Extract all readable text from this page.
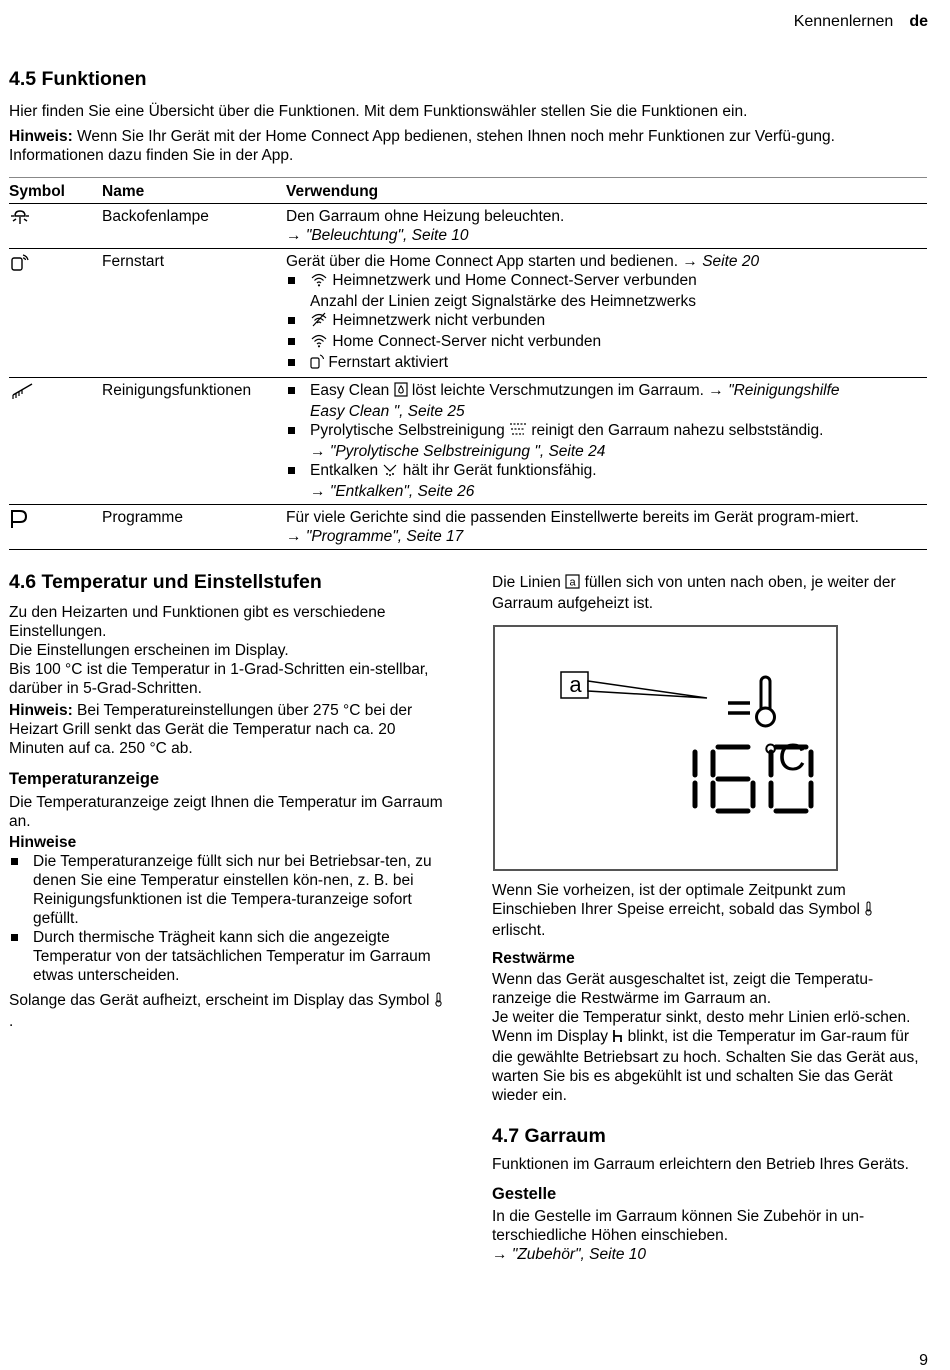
Kennenlernen de
4.5 Funktionen

Hier finden Sie eine Übersicht über die Funktionen. Mit dem Funktionswähler stellen Sie die Funktionen ein.

Hinweis: Wenn Sie Ihr Gerät mit der Home Connect App bedienen, stehen Ihnen noch mehr Funktionen zur Verfü-gung. Informationen dazu finden Sie in der App.

Symbol	Name	Verwendung
Backofenlampe	Den Garraum ohne Heizung beleuchten.
→ "Beleuchtung", Seite 10
Fernstart	Gerät über die Home Connect App starten und bedienen. → Seite 20
Heimnetzwerk und Home Connect-Server verbunden
Anzahl der Linien zeigt Signalstärke des Heimnetzwerks
Heimnetzwerk nicht verbunden
Home Connect-Server nicht verbunden
Fernstart aktiviert
Reinigungsfunktionen	Easy Clean löst leichte Verschmutzungen im Garraum. → "Reinigungshilfe
Easy Clean ", Seite 25
Pyrolytische Selbstreinigung reinigt den Garraum nahezu selbstständig.
→ "Pyrolytische Selbstreinigung ", Seite 24
Entkalken hält ihr Gerät funktionsfähig.
→ "Entkalken", Seite 26
Programme	Für viele Gerichte sind die passenden Einstellwerte bereits im Gerät program-miert.
→ "Programme", Seite 17
4.6 Temperatur und Einstellstufen

Zu den Heizarten und Funktionen gibt es verschiedene Einstellungen.

Die Einstellungen erscheinen im Display.

Bis 100 °C ist die Temperatur in 1-Grad-Schritten ein-stellbar, darüber in 5-Grad-Schritten.

Hinweis: Bei Temperatureinstellungen über 275 °C bei der Heizart Grill senkt das Gerät die Temperatur nach ca. 20 Minuten auf ca. 250 °C ab.

Temperaturanzeige

Die Temperaturanzeige zeigt Ihnen die Temperatur im Garraum an.

Hinweise
Die Temperaturanzeige füllt sich nur bei Betriebsar-ten, zu denen Sie eine Temperatur einstellen kön-nen, z. B. bei Reinigungsfunktionen ist die Tempera-turanzeige sofort gefüllt.
Durch thermische Trägheit kann sich die angezeigte Temperatur von der tatsächlichen Temperatur im Garraum etwas unterscheiden.

Solange das Gerät aufheizt, erscheint im Display das Symbol .

Die Linien a füllen sich von unten nach oben, je weiter der Garraum aufgeheizt ist.

a
°C

Wenn Sie vorheizen, ist der optimale Zeitpunkt zum Einschieben Ihrer Speise erreicht, sobald das Symbol
erlischt.

Restwärme

Wenn das Gerät ausgeschaltet ist, zeigt die Temperatu-ranzeige die Restwärme im Garraum an.

Je weiter die Temperatur sinkt, desto mehr Linien erlö-schen.

Wenn im Display blinkt, ist die Temperatur im Gar-raum für die gewählte Betriebsart zu hoch. Schalten Sie das Gerät aus, warten Sie bis es abgekühlt ist und schalten Sie das Gerät wieder ein.

4.7 Garraum

Funktionen im Garraum erleichtern den Betrieb Ihres Geräts.

Gestelle

In die Gestelle im Garraum können Sie Zubehör in un-terschiedliche Höhen einschieben.

→ "Zubehör", Seite 10
9
